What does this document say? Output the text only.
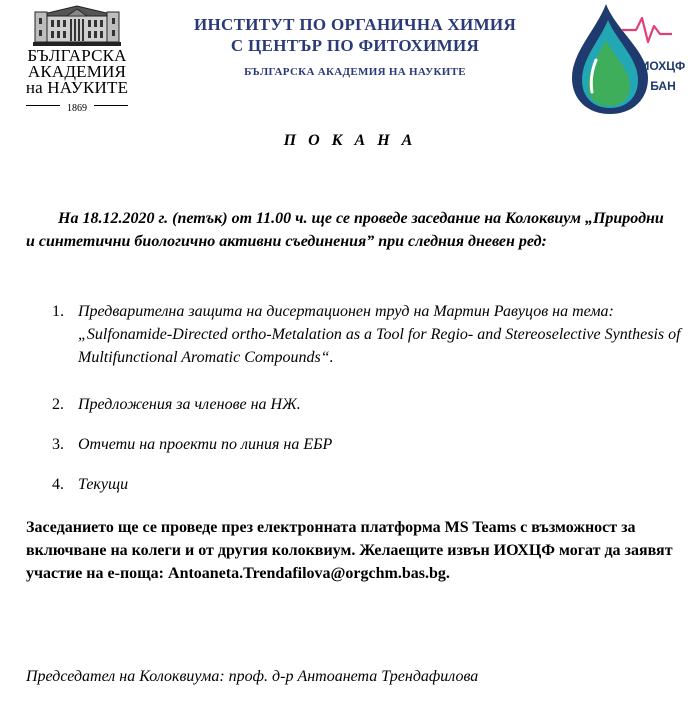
БЪЛГАРСКА
АКАДЕМИЯ
на НАУКИТЕ
1869
ИНСТИТУТ ПО ОРГАНИЧНА ХИМИЯ
С ЦЕНТЪР ПО ФИТОХИМИЯ
БЪЛГАРСКА АКАДЕМИЯ НА НАУКИТЕ	ИОХЦФ
БАН
П О К А Н А
На 18.12.2020 г. (петък) от 11.00 ч. ще се проведе заседание на Колоквиум „Природни и синтетични биологично активни съединения” при следния дневен ред:
1. Предварителна защита на дисертационен труд на Мартин Равуцов на тема: „Sulfonamide-Directed ortho-Metalation as a Tool for Regio- and Stereoselective Synthesis of Multifunctional Aromatic Compounds“.
2. Предложения за членове на НЖ.
3. Отчети на проекти по линия на ЕБР
4. Текущи
Заседанието ще се проведе през електронната платформа MS Teams с възможност за включване на колеги и от другия колоквиум. Желаещите извън ИОХЦФ могат да заявят участие на е-поща: Antoaneta.Trendafilova@orgchm.bas.bg.
Председател на Колоквиума: проф. д-р Антоанета Трендафилова
